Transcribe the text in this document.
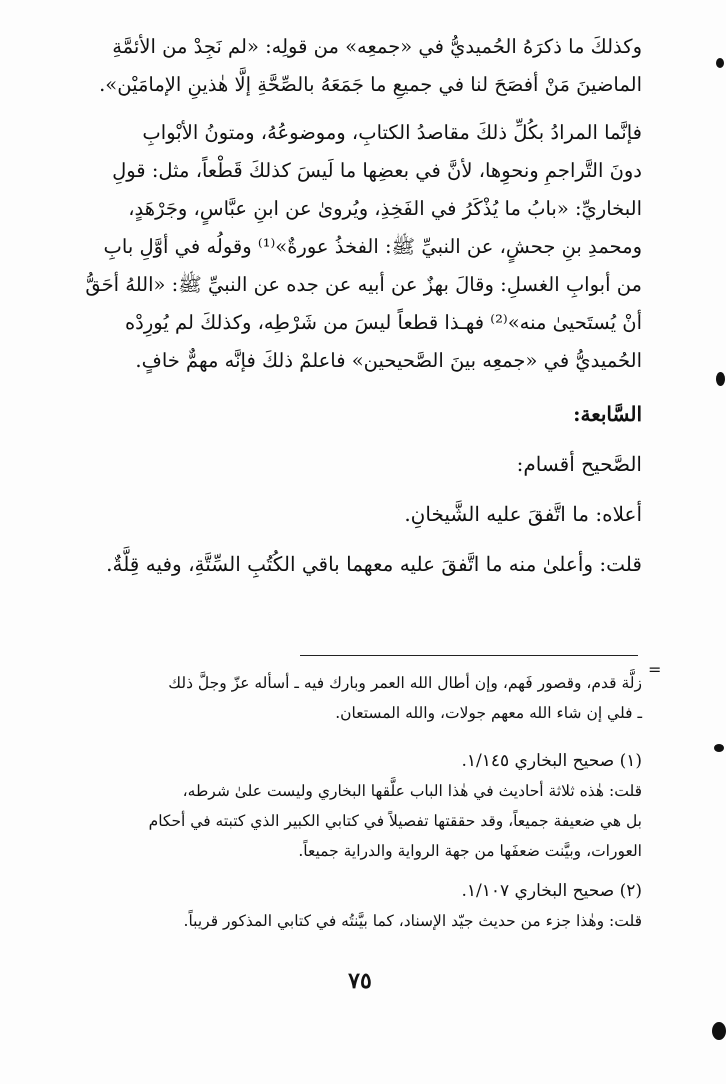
وكذلكَ ما ذكرَهُ الحُميديُّ في «جمعِه» من قولِه: «لم نَجِدْ من الأئمَّةِ
الماضينَ مَنْ أفصَحَ لنا في جميعِ ما جَمَعَهُ بالصِّحَّةِ إلَّا هٰذينِ الإمامَيْن».
فإنَّما المرادُ بكُلِّ ذلكَ مقاصدُ الكتابِ، وموضوعُهُ، ومتونُ الأبْوابِ
دونَ التَّراجمِ ونحوِها، لأنَّ في بعضِها ما لَيسَ كذلكَ قَطْعاً، مثل: قولِ
البخاريِّ: «بابُ ما يُذْكَرُ في الفَخِذِ، ويُروىٰ عن ابنِ عبَّاسٍ، وجَرْهَدٍ،
ومحمدِ بنِ جحشٍ، عن النبيِّ ﷺ: الفخذُ عورةٌ»⁽¹⁾ وقولُه في أوَّلِ بابِ
من أبوابِ الغسلِ: وقالَ بهزٌ عن أبيه عن جده عن النبيِّ ﷺ: «اللهُ أحَقُّ
أنْ يُستَحيىٰ منه»⁽²⁾ فهـذا قطعاً ليسَ من شَرْطِه، وكذلكَ لم يُورِدْه
الحُميديُّ في «جمعِه بينَ الصَّحيحين» فاعلمْ ذلكَ فإنَّه مهمٌّ خافٍ.
السَّابعة:
الصَّحيح أقسام:
أعلاه: ما اتَّفقَ عليه الشَّيخانِ.
قلت: وأعلىٰ منه ما اتَّفقَ عليه معهما باقي الكُتُبِ السِّتَّةِ، وفيه قِلَّةٌ.
=
زلَّة قدم، وقصور فَهم، وإن أطال الله العمر وبارك فيه ـ أسأله عزّ وجلَّ ذلك
ـ فلي إن شاء الله معهم جولات، والله المستعان.
(١) صحيح البخاري ١/١٤٥.
قلت: هٰذه ثلاثة أحاديث في هٰذا الباب علَّقها البخاري وليست علىٰ شرطه،
بل هي ضعيفة جميعاً، وقد حققتها تفصيلاً في كتابي الكبير الذي كتبته في أحكام
العورات، وبيَّنت ضعفَها من جهة الرواية والدراية جميعاً.
(٢) صحيح البخاري ١/١٠٧.
قلت: وهٰذا جزء من حديث جيّد الإسناد، كما بيَّنتُه في كتابي المذكور قريباً.
٧٥
